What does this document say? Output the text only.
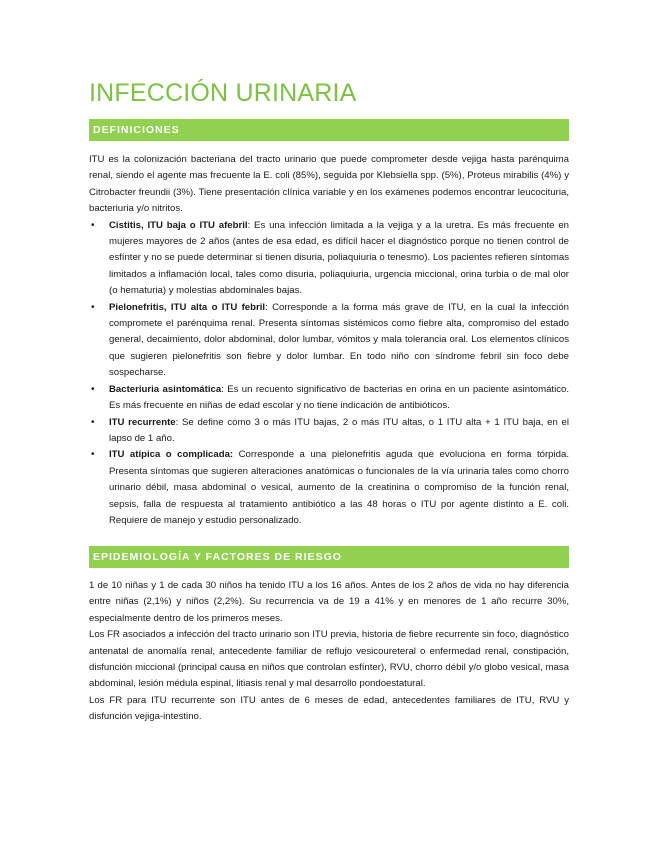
INFECCIÓN URINARIA
DEFINICIONES

ITU es la colonización bacteriana del tracto urinario que puede comprometer desde vejiga hasta parénquima renal, siendo el agente mas frecuente la E. coli (85%), seguida por Klebsiella spp. (5%), Proteus mirabilis (4%) y Citrobacter freundii (3%). Tiene presentación clínica variable y en los exámenes podemos encontrar leucocituria, bacteriuria y/o nitritos.

• Cistitis, ITU baja o ITU afebril: Es una infección limitada a la vejiga y a la uretra. Es más frecuente en mujeres mayores de 2 años (antes de esa edad, es difícil hacer el diagnóstico porque no tienen control de esfínter y no se puede determinar si tienen disuria, poliaquiuria o tenesmo). Los pacientes refieren síntomas limitados a inflamación local, tales como disuria, poliaquiuria, urgencia miccional, orina turbia o de mal olor (o hematuria) y molestias abdominales bajas.
• Pielonefritis, ITU alta o ITU febril: Corresponde a la forma más grave de ITU, en la cual la infección compromete el parénquima renal. Presenta síntomas sistémicos como fiebre alta, compromiso del estado general, decaimiento, dolor abdominal, dolor lumbar, vómitos y mala tolerancia oral. Los elementos clínicos que sugieren pielonefritis son fiebre y dolor lumbar. En todo niño con síndrome febril sin foco debe sospecharse.
• Bacteriuria asintomática: Es un recuento significativo de bacterias en orina en un paciente asintomático. Es más frecuente en niñas de edad escolar y no tiene indicación de antibióticos.
• ITU recurrente: Se define como 3 o más ITU bajas, 2 o más ITU altas, o 1 ITU alta + 1 ITU baja, en el lapso de 1 año.
• ITU atípica o complicada: Corresponde a una pielonefritis aguda que evoluciona en forma tórpida. Presenta síntomas que sugieren alteraciones anatómicas o funcionales de la vía urinaria tales como chorro urinario débil, masa abdominal o vesical, aumento de la creatinina o compromiso de la función renal, sepsis, falla de respuesta al tratamiento antibiótico a las 48 horas o ITU por agente distinto a E. coli. Requiere de manejo y estudio personalizado.
EPIDEMIOLOGÍA Y FACTORES DE RIESGO

1 de 10 niñas y 1 de cada 30 niños ha tenido ITU a los 16 años. Antes de los 2 años de vida no hay diferencia entre niñas (2,1%) y niños (2,2%). Su recurrencia va de 19 a 41% y en menores de 1 año recurre 30%, especialmente dentro de los primeros meses.

Los FR asociados a infección del tracto urinario son ITU previa, historia de fiebre recurrente sin foco, diagnóstico antenatal de anomalía renal, antecedente familiar de reflujo vesicoureteral o enfermedad renal, constipación, disfunción miccional (principal causa en niños que controlan esfínter), RVU, chorro débil y/o globo vesical, masa abdominal, lesión médula espinal, litiasis renal y mal desarrollo pondoestatural.

Los FR para ITU recurrente son ITU antes de 6 meses de edad, antecedentes familiares de ITU, RVU y disfunción vejiga-intestino.
